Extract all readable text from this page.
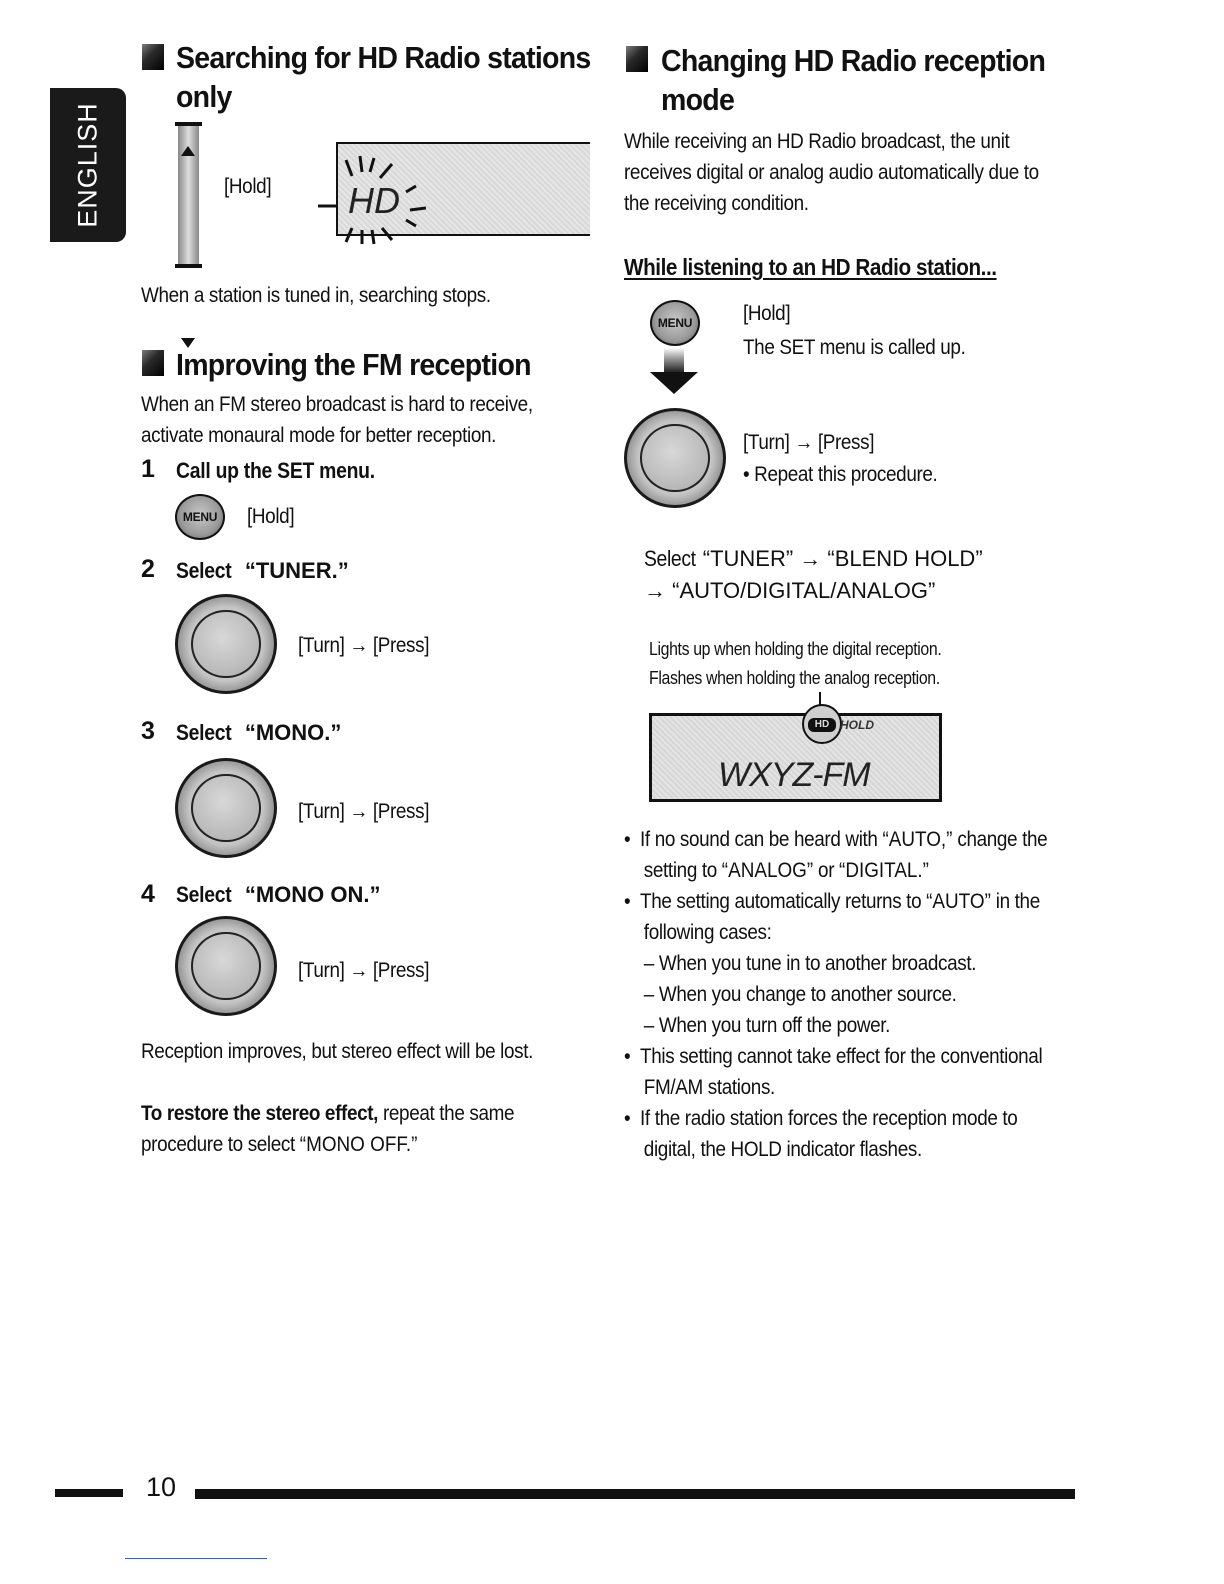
ENGLISH
Searching for HD Radio stations
only
[Hold] HD
When a station is tuned in, searching stops.
Improving the FM reception
When an FM stereo broadcast is hard to receive,
activate monaural mode for better reception.
1 Call up the SET menu.
MENU [Hold]
2 Select “TUNER.”
[Turn] → [Press]
3 Select “MONO.”
[Turn] → [Press]
4 Select “MONO ON.”
[Turn] → [Press]
Reception improves, but stereo effect will be lost.
To restore the stereo effect, repeat the same
procedure to select “MONO OFF.”
Changing HD Radio reception
mode
While receiving an HD Radio broadcast, the unit
receives digital or analog audio automatically due to
the receiving condition.
While listening to an HD Radio station...
MENU [Hold]
The SET menu is called up.
[Turn] → [Press]
• Repeat this procedure.
Select“TUNER” → “BLEND HOLD”
→ “AUTO/DIGITAL/ANALOG”
Lights up when holding the digital reception.
Flashes when holding the analog reception.
HD HOLD
WXYZ-FM
•  If no sound can be heard with “AUTO,” change the
setting to “ANALOG” or “DIGITAL.”
•  The setting automatically returns to “AUTO” in the
following cases:
– When you tune in to another broadcast.
– When you change to another source.
– When you turn off the power.
•  This setting cannot take effect for the conventional
FM/AM stations.
•  If the radio station forces the reception mode to
digital, the HOLD indicator flashes.
10
